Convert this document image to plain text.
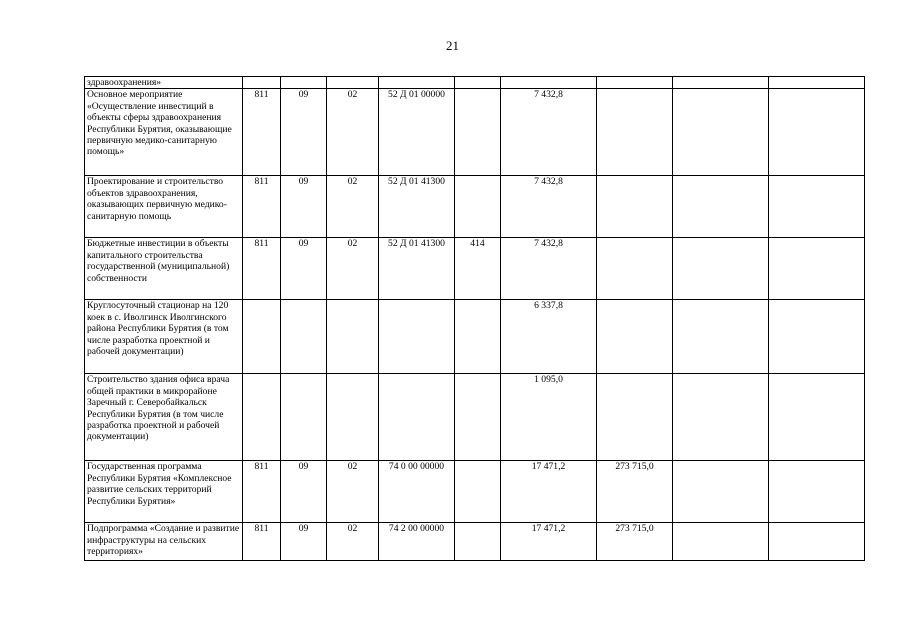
21
здравоохранения»									
Основное мероприятие «Осуществление инвестиций в объекты сферы здравоохранения Республики Бурятия, оказывающие первичную медико-санитарную помощь»	811	09	02	52 Д 01 00000		7 432,8			
Проектирование и строительство объектов здравоохранения, оказывающих первичную медико-санитарную помощь	811	09	02	52 Д 01 41300		7 432,8			
Бюджетные инвестиции в объекты капитального строительства государственной (муниципальной) собственности	811	09	02	52 Д 01 41300	414	7 432,8			
Круглосуточный стационар на 120 коек в с. Иволгинск Иволгинского района Республики Бурятия (в том числе разработка проектной и рабочей документации)						6 337,8			
Строительство здания офиса врача общей практики в микрорайоне Заречный г. Северобайкальск Республики Бурятия (в том числе разработка проектной и рабочей документации)						1 095,0			
Государственная программа Республики Бурятия «Комплексное развитие сельских территорий Республики Бурятия»	811	09	02	74 0 00 00000		17 471,2	273 715,0		
Подпрограмма «Создание и развитие инфраструктуры на сельских территориях»	811	09	02	74 2 00 00000		17 471,2	273 715,0		
